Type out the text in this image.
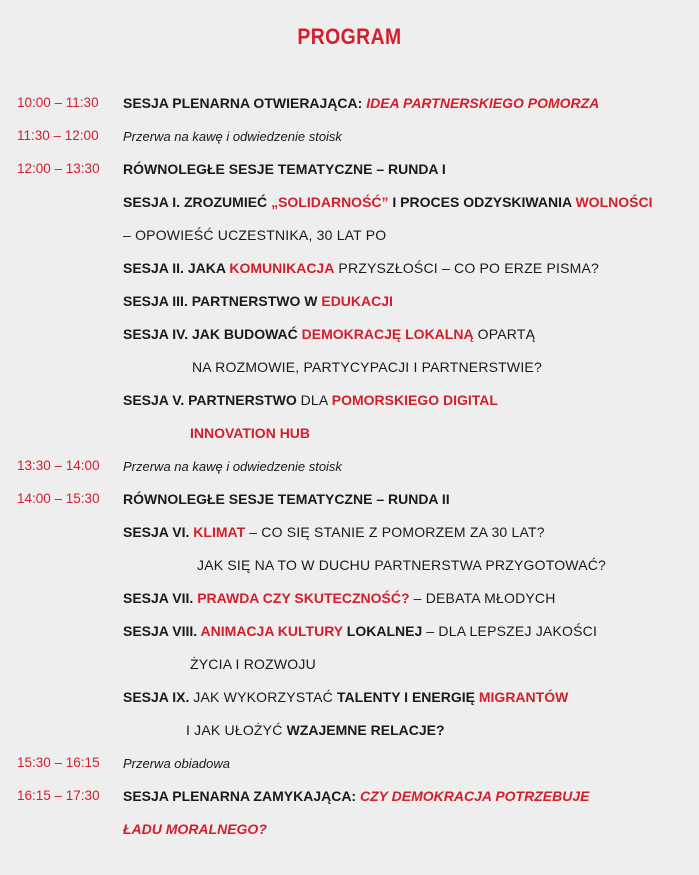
PROGRAM
10:00 – 11:30 SESJA PLENARNA OTWIERAJĄCA: IDEA PARTNERSKIEGO POMORZA
11:30 – 12:00 Przerwa na kawę i odwiedzenie stoisk
12:00 – 13:30 RÓWNOLEGŁE SESJE TEMATYCZNE – RUNDA I
SESJA I. ZROZUMIEĆ „SOLIDARNOŚĆ” I PROCES ODZYSKIWANIA WOLNOŚCI
– OPOWIEŚĆ UCZESTNIKA, 30 LAT PO
SESJA II. JAKA KOMUNIKACJA PRZYSZŁOŚCI – CO PO ERZE PISMA?
SESJA III. PARTNERSTWO W EDUKACJI
SESJA IV. JAK BUDOWAĆ DEMOKRACJĘ LOKALNĄ OPARTĄ
NA ROZMOWIE, PARTYCYPACJI I PARTNERSTWIE?
SESJA V. PARTNERSTWO DLA POMORSKIEGO DIGITAL
INNOVATION HUB
13:30 – 14:00 Przerwa na kawę i odwiedzenie stoisk
14:00 – 15:30 RÓWNOLEGŁE SESJE TEMATYCZNE – RUNDA II
SESJA VI. KLIMAT – CO SIĘ STANIE Z POMORZEM ZA 30 LAT?
JAK SIĘ NA TO W DUCHU PARTNERSTWA PRZYGOTOWAĆ?
SESJA VII. PRAWDA CZY SKUTECZNOŚĆ? – DEBATA MŁODYCH
SESJA VIII. ANIMACJA KULTURY LOKALNEJ – DLA LEPSZEJ JAKOŚCI
ŻYCIA I ROZWOJU
SESJA IX. JAK WYKORZYSTAĆ TALENTY I ENERGIĘ MIGRANTÓW
I JAK UŁOŻYĆ WZAJEMNE RELACJE?
15:30 – 16:15 Przerwa obiadowa
16:15 – 17:30 SESJA PLENARNA ZAMYKAJĄCA: CZY DEMOKRACJA POTRZEBUJE
ŁADU MORALNEGO?
